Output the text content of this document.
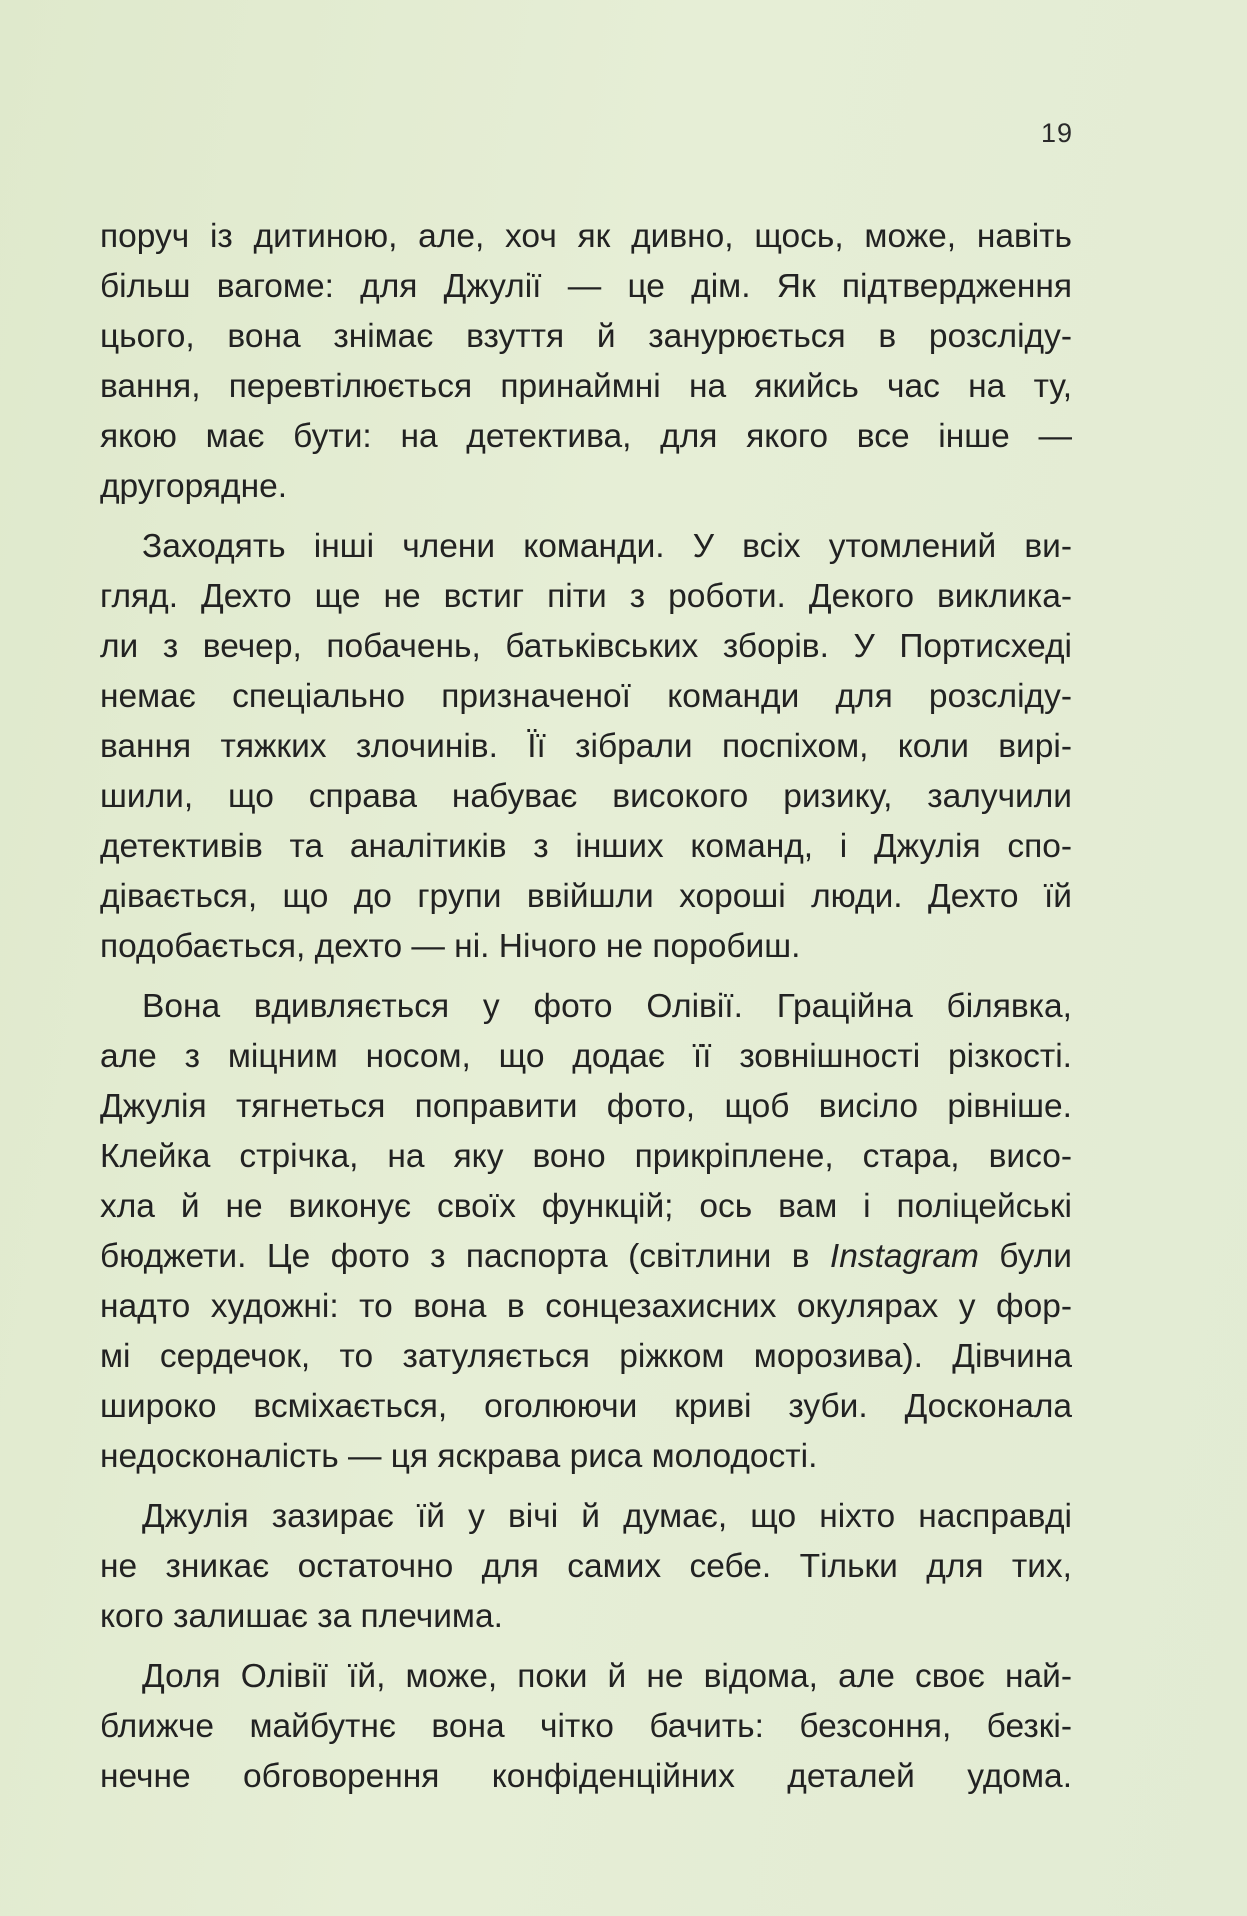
19
поруч із дитиною, але, хоч як дивно, щось, може, навіть
більш вагоме: для Джулії — це дім. Як підтвердження
цього, вона знімає взуття й занурюється в розсліду-
вання, перевтілюється принаймні на якийсь час на ту,
якою має бути: на детектива, для якого все інше —
другорядне.
Заходять інші члени команди. У всіх утомлений ви-
гляд. Дехто ще не встиг піти з роботи. Декого виклика-
ли з вечер, побачень, батьківських зборів. У Портисхеді
немає спеціально призначеної команди для розсліду-
вання тяжких злочинів. Її зібрали поспіхом, коли вирі-
шили, що справа набуває високого ризику, залучили
детективів та аналітиків з інших команд, і Джулія спо-
дівається, що до групи ввійшли хороші люди. Дехто їй
подобається, дехто — ні. Нічого не поробиш.
Вона вдивляється у фото Олівії. Граційна білявка,
але з міцним носом, що додає її зовнішності різкості.
Джулія тягнеться поправити фото, щоб висіло рівніше.
Клейка стрічка, на яку воно прикріплене, стара, висо-
хла й не виконує своїх функцій; ось вам і поліцейські
бюджети. Це фото з паспорта (світлини в Instagram були
надто художні: то вона в сонцезахисних окулярах у фор-
мі сердечок, то затуляється ріжком морозива). Дівчина
широко всміхається, оголюючи криві зуби. Досконала
недосконалість — ця яскрава риса молодості.
Джулія зазирає їй у вічі й думає, що ніхто насправді
не зникає остаточно для самих себе. Тільки для тих,
кого залишає за плечима.
Доля Олівії їй, може, поки й не відома, але своє най-
ближче майбутнє вона чітко бачить: безсоння, безкі-
нечне обговорення конфіденційних деталей удома.
